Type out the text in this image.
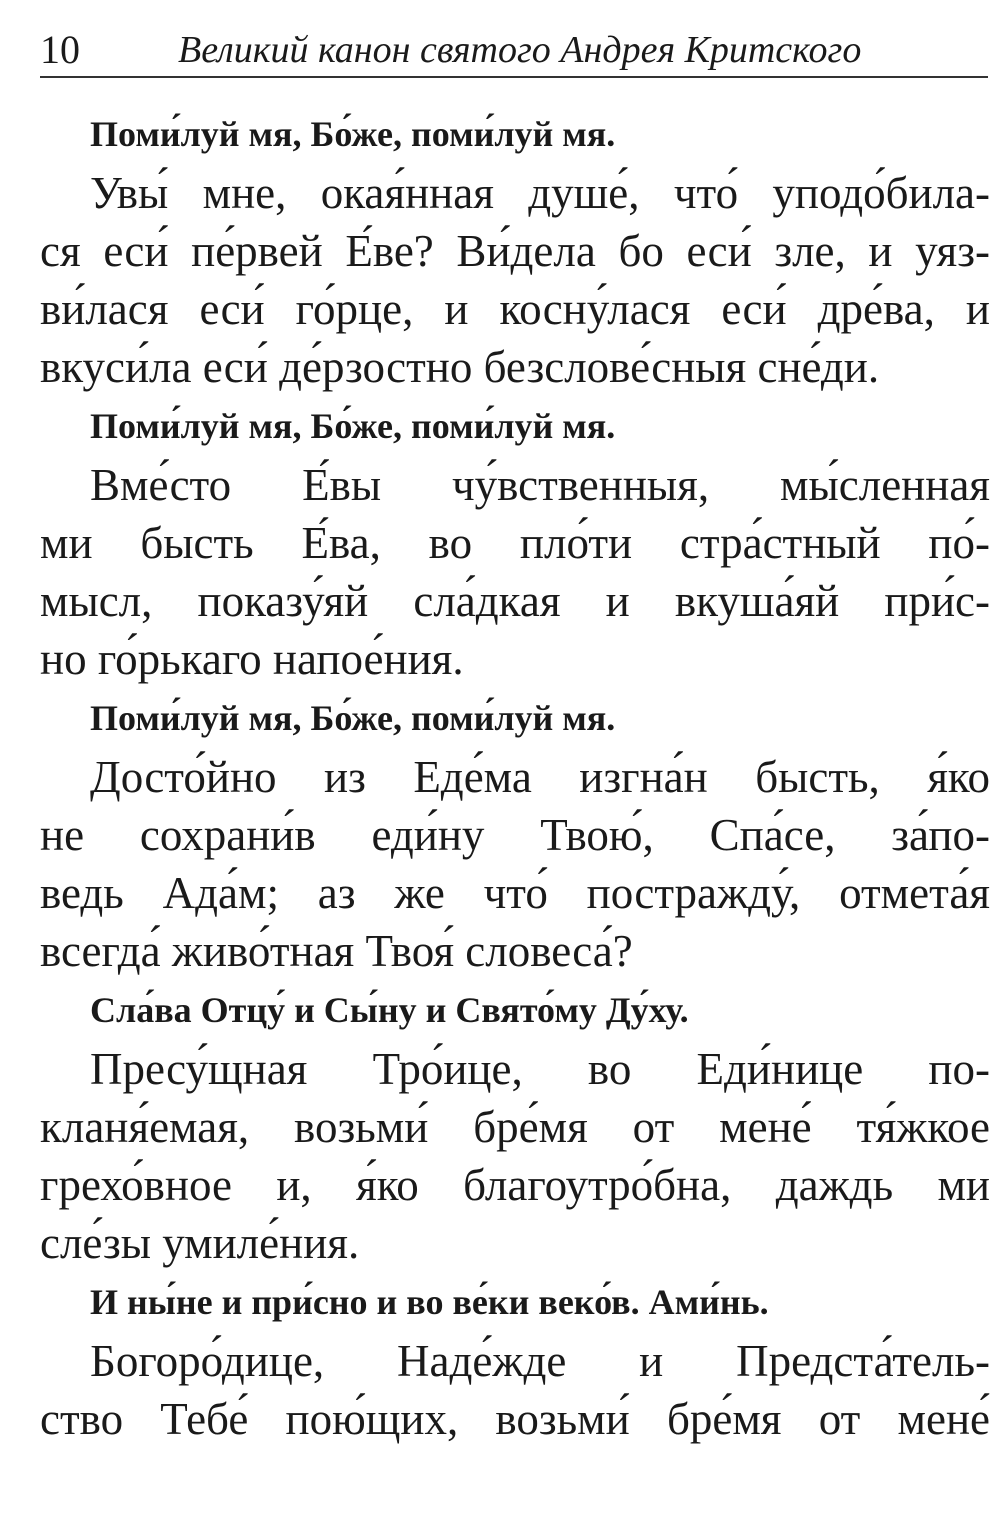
10	Великий канон святого Андрея Критского
Поми́луй мя, Бо́же, поми́луй мя.
Увы́ мне, окая́нная душе́, что́ уподо́била-
ся еси́ пе́рвей Е́ве? Ви́дела бо еси́ зле, и уяз-
ви́лася еси́ го́рце, и косну́лася еси́ дре́ва, и
вкуси́ла еси́ де́рзостно безслове́сныя сне́ди.
Поми́луй мя, Бо́же, поми́луй мя.
Вме́сто Е́вы чу́вственныя, мы́сленная
ми бысть Е́ва, во пло́ти стра́стный по́-
мысл, показу́яй сла́дкая и вкуша́яй при́с-
но го́рькаго напое́ния.
Поми́луй мя, Бо́же, поми́луй мя.
Досто́йно из Еде́ма изгна́н бысть, я́ко
не сохрани́в еди́ну Твою́, Спа́се, за́по-
ведь Ада́м; аз же что́ постражду́, отмета́я
всегда́ живо́тная Твоя́ словеса́?
Сла́ва Отцу́ и Сы́ну и Свято́му Ду́ху.
Пресу́щная Тро́ице, во Еди́нице по-
кланя́емая, возьми́ бре́мя от мене́ тя́жкое
грехо́вное и, я́ко благоутро́бна, даждь ми
сле́зы умиле́ния.
И ны́не и при́сно и во ве́ки веко́в. Ами́нь.
Богоро́дице, Наде́жде и Предста́тель-
ство Тебе́ пою́щих, возьми́ бре́мя от мене́
